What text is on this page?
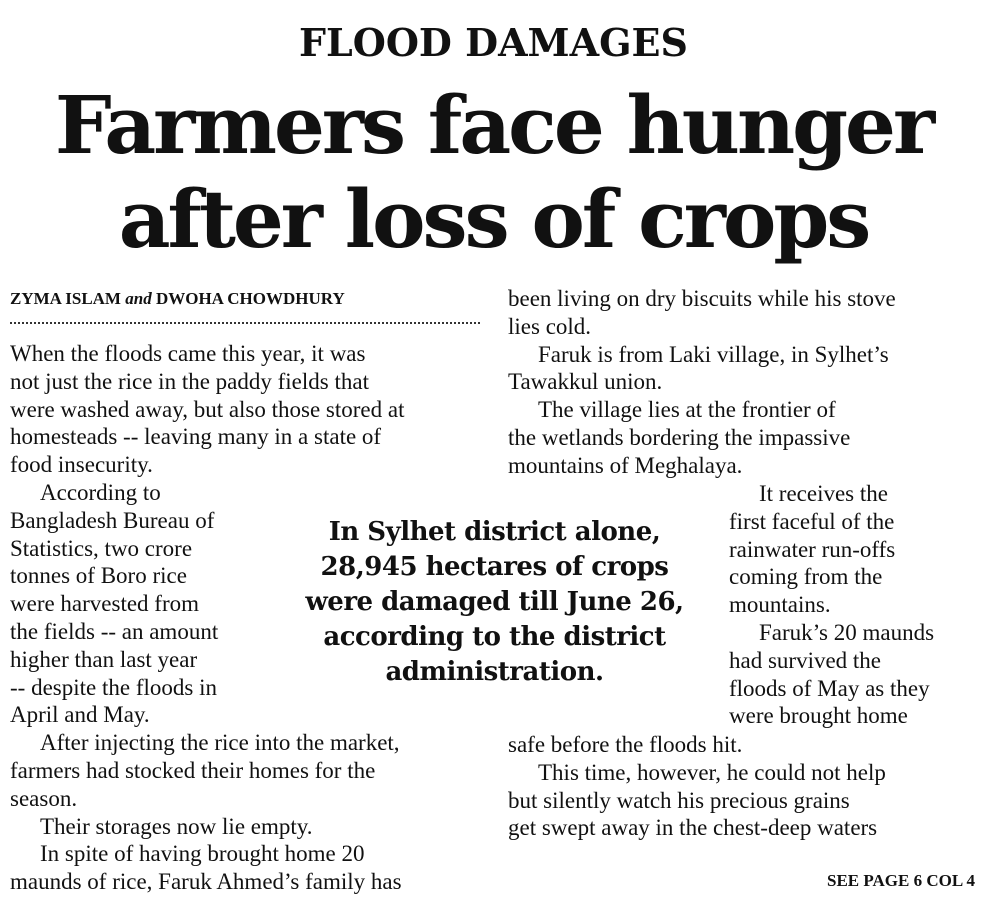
FLOOD DAMAGES
Farmers face hunger
after loss of crops
ZYMA ISLAM and DWOHA CHOWDHURY
When the floods came this year, it was
not just the rice in the paddy fields that
were washed away, but also those stored at
homesteads -- leaving many in a state of
food insecurity.
According to
Bangladesh Bureau of
Statistics, two crore
tonnes of Boro rice
were harvested from
the fields -- an amount
higher than last year
-- despite the floods in
April and May.
After injecting the rice into the market,
farmers had stocked their homes for the
season.
Their storages now lie empty.
In spite of having brought home 20
maunds of rice, Faruk Ahmed’s family has
been living on dry biscuits while his stove
lies cold.
Faruk is from Laki village, in Sylhet’s
Tawakkul union.
The village lies at the frontier of
the wetlands bordering the impassive
mountains of Meghalaya.
It receives the
first faceful of the
rainwater run-offs
coming from the
mountains.
Faruk’s 20 maunds
had survived the
floods of May as they
were brought home
safe before the floods hit.
This time, however, he could not help
but silently watch his precious grains
get swept away in the chest-deep waters
In Sylhet district alone,
28,945 hectares of crops
were damaged till June 26,
according to the district
administration.
SEE PAGE 6 COL 4
